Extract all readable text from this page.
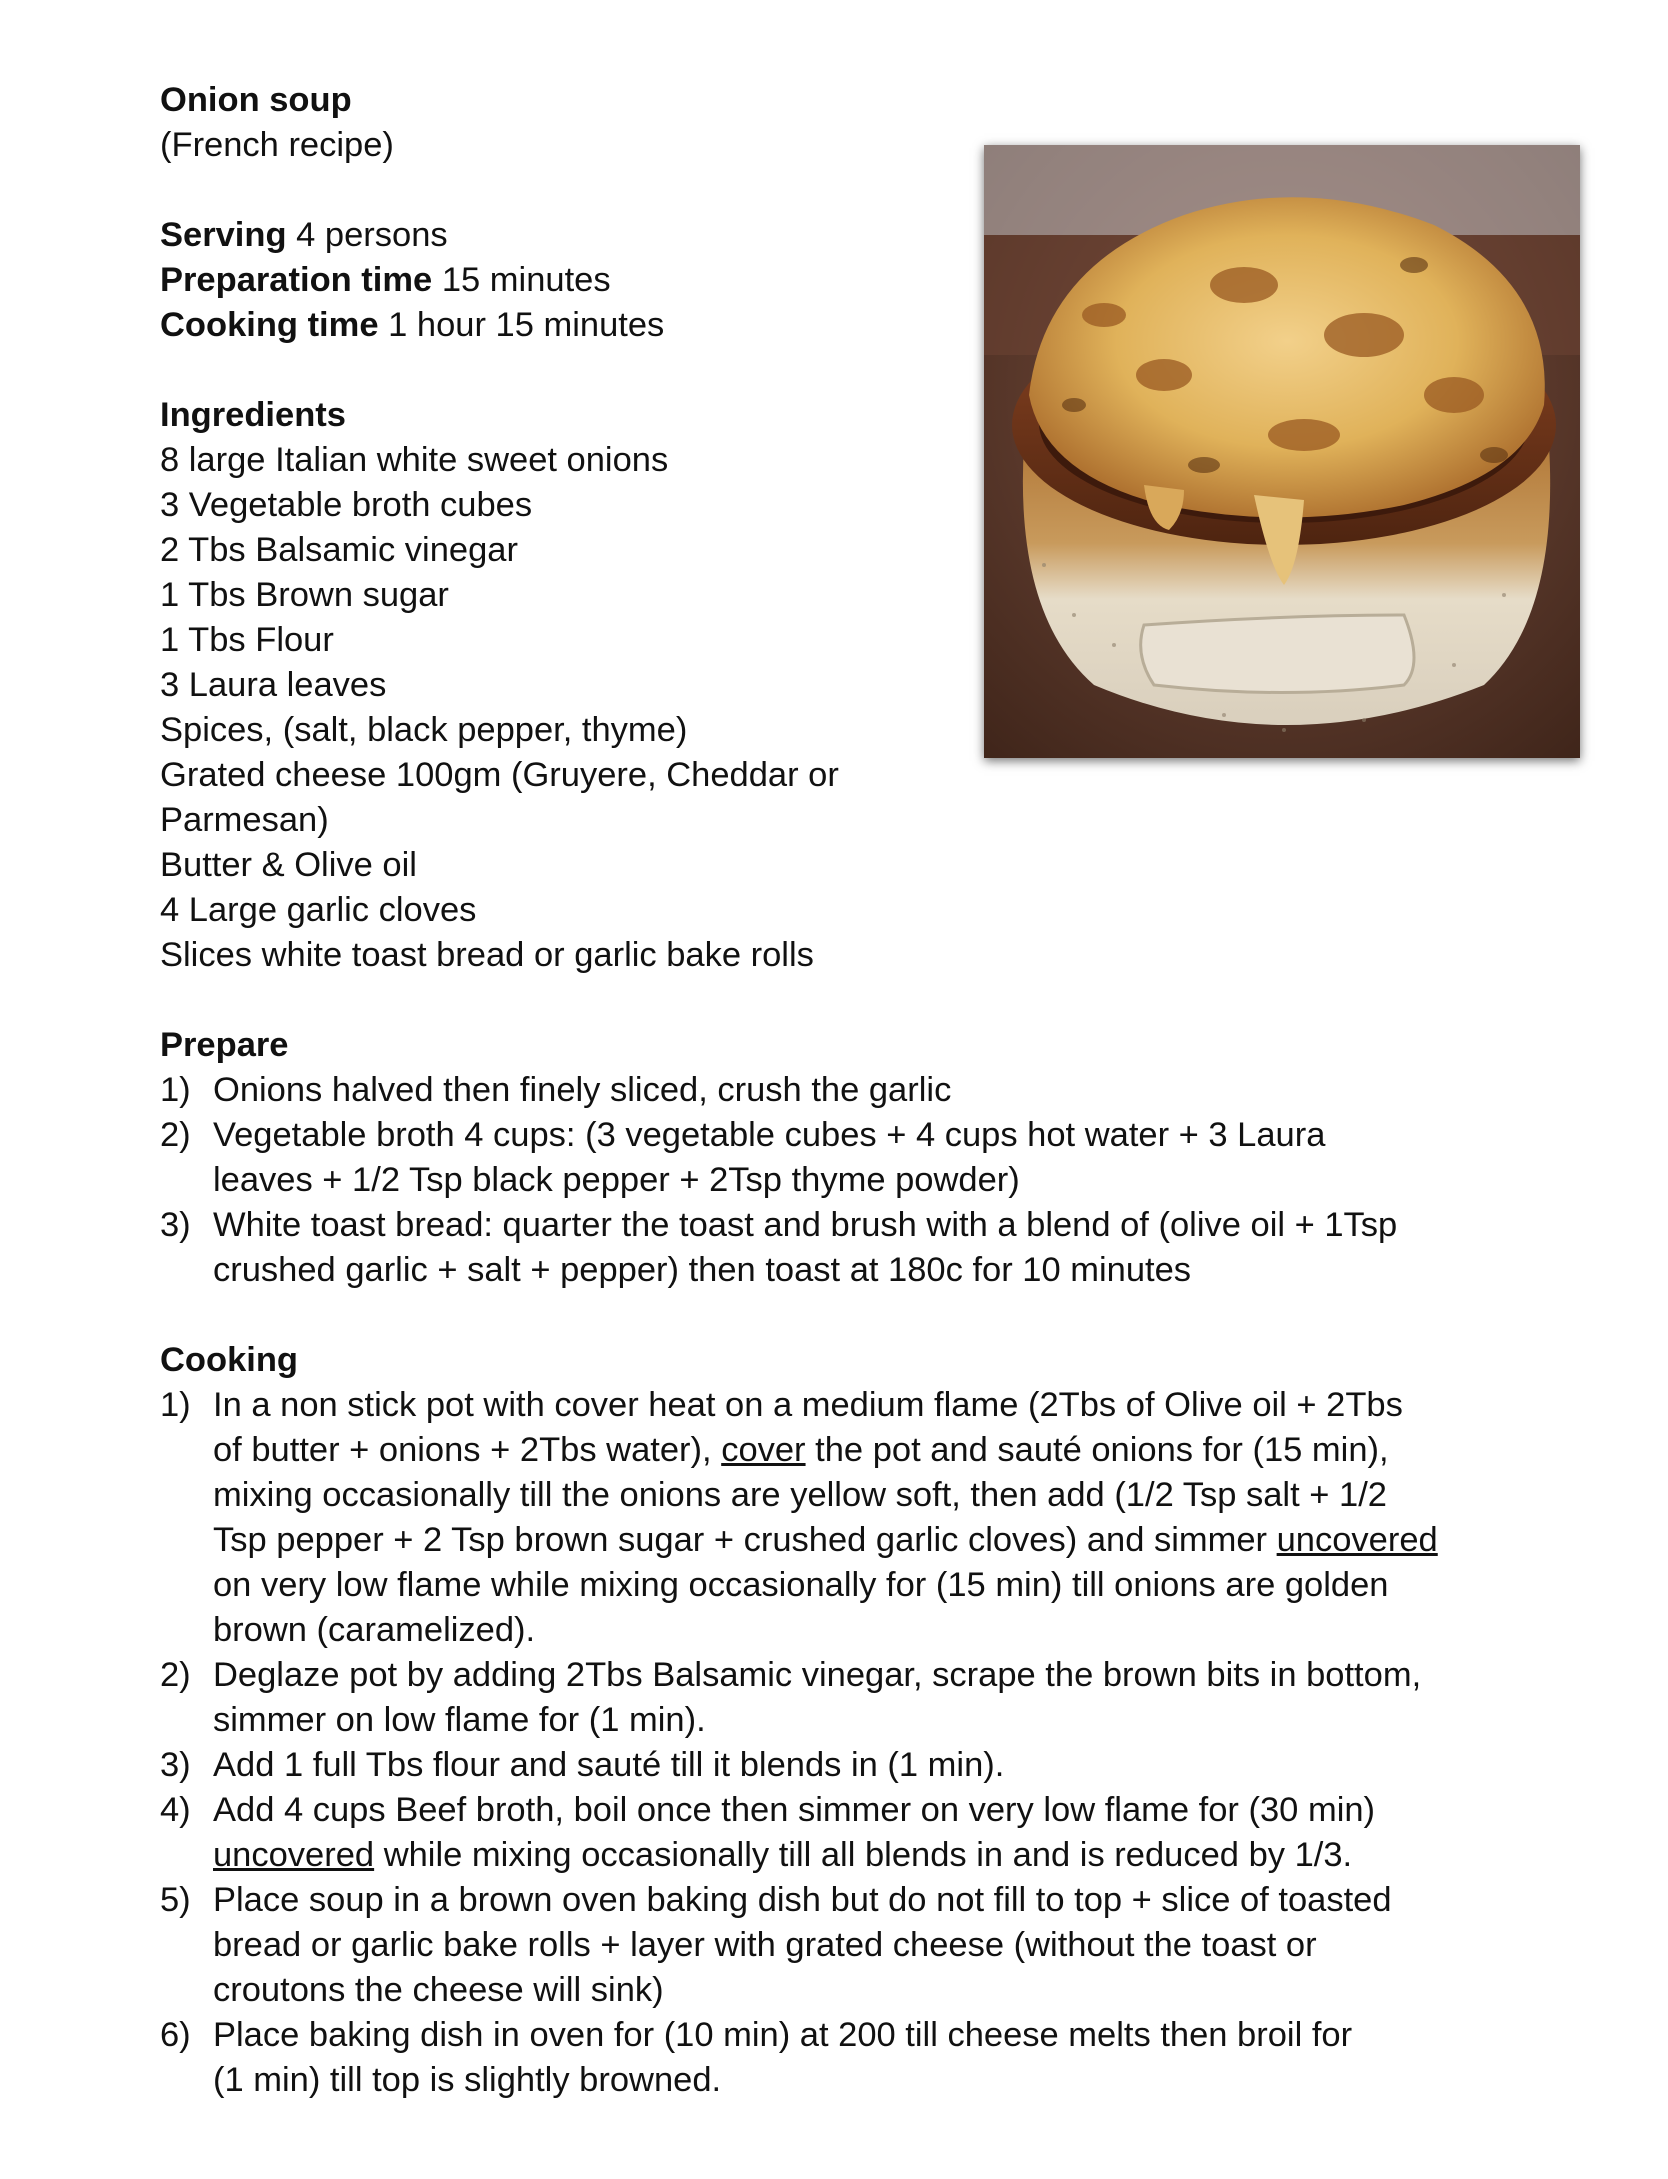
Onion soup
(French recipe)
Serving 4 persons
Preparation time 15 minutes
Cooking time 1 hour 15 minutes
Ingredients
8 large Italian white sweet onions
3 Vegetable broth cubes
2 Tbs Balsamic vinegar
1 Tbs Brown sugar
1 Tbs Flour
3 Laura leaves
Spices, (salt, black pepper, thyme)
Grated cheese 100gm (Gruyere, Cheddar or
Parmesan)
Butter & Olive oil
4 Large garlic cloves
Slices white toast bread or garlic bake rolls
Prepare
1) Onions halved then finely sliced, crush the garlic
2) Vegetable broth 4 cups: (3 vegetable cubes + 4 cups hot water + 3 Laura
leaves + 1/2 Tsp black pepper + 2Tsp thyme powder)
3) White toast bread: quarter the toast and brush with a blend of (olive oil + 1Tsp
crushed garlic + salt + pepper) then toast at 180c for 10 minutes
Cooking
1) In a non stick pot with cover heat on a medium flame (2Tbs of Olive oil + 2Tbs
of butter + onions + 2Tbs water), cover the pot and sauté onions for (15 min),
mixing occasionally till the onions are yellow soft, then add (1/2 Tsp salt + 1/2
Tsp pepper + 2 Tsp brown sugar + crushed garlic cloves) and simmer uncovered
on very low flame while mixing occasionally for (15 min) till onions are golden
brown (caramelized).
2) Deglaze pot by adding 2Tbs Balsamic vinegar, scrape the brown bits in bottom,
simmer on low flame for (1 min).
3) Add 1 full Tbs flour and sauté till it blends in (1 min).
4) Add 4 cups Beef broth, boil once then simmer on very low flame for (30 min)
uncovered while mixing occasionally till all blends in and is reduced by 1/3.
5) Place soup in a brown oven baking dish but do not fill to top + slice of toasted
bread or garlic bake rolls + layer with grated cheese (without the toast or
croutons the cheese will sink)
6) Place baking dish in oven for (10 min) at 200 till cheese melts then broil for
(1 min) till top is slightly browned.
